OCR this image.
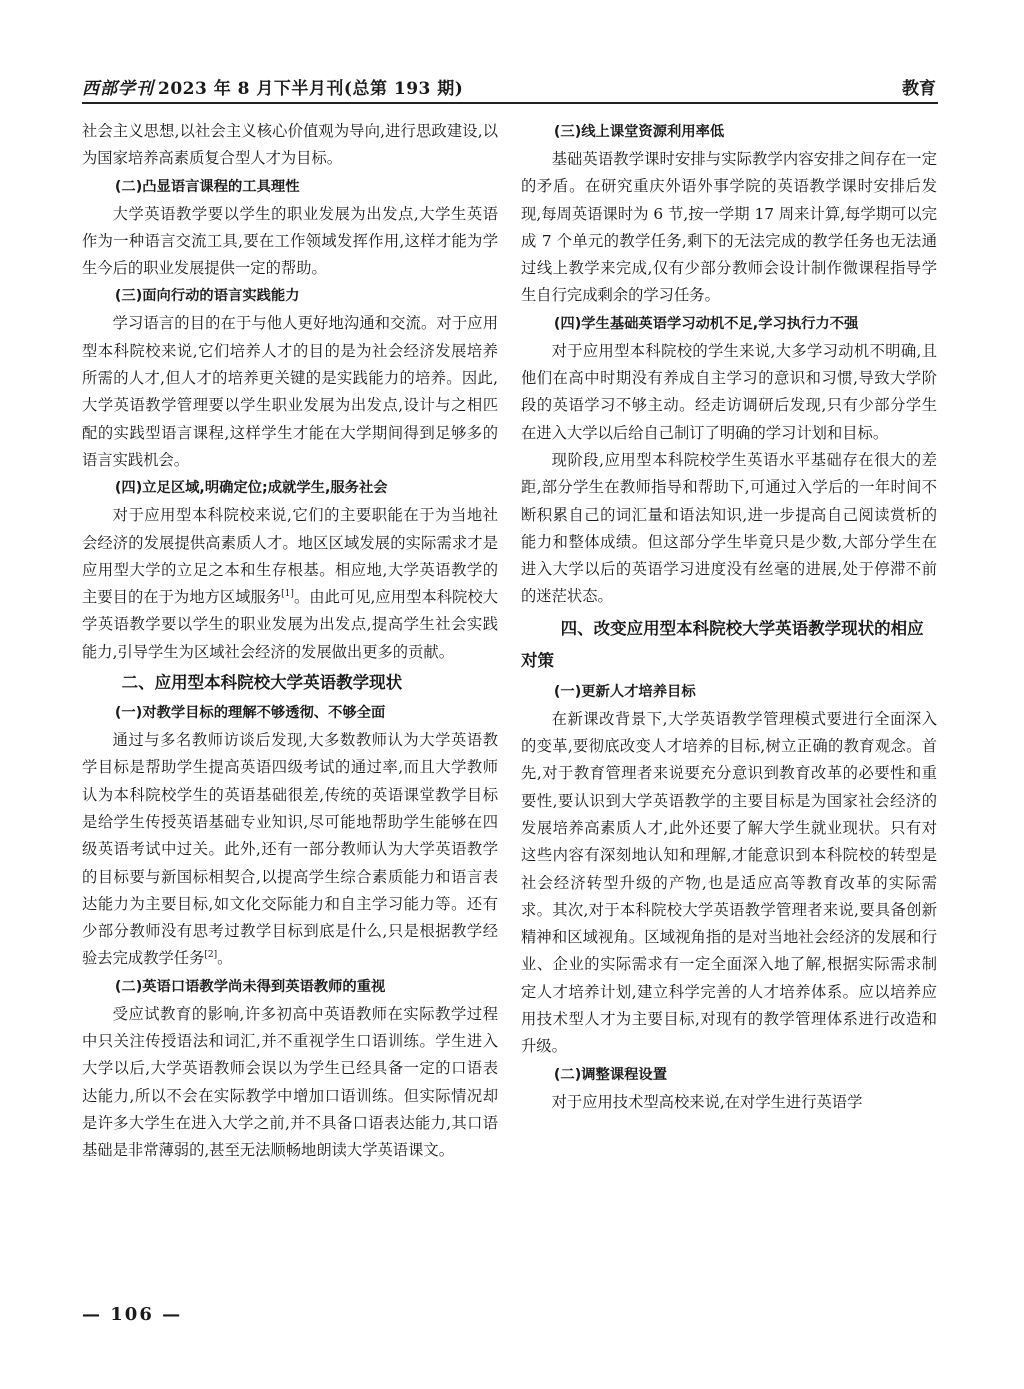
西部学刊 2023 年 8 月下半月刊(总第 193 期)	教育

社会主义思想,以社会主义核心价值观为导向,进行思政建设,以为国家培养高素质复合型人才为目标。

(二)凸显语言课程的工具理性

大学英语教学要以学生的职业发展为出发点,大学生英语作为一种语言交流工具,要在工作领域发挥作用,这样才能为学生今后的职业发展提供一定的帮助。

(三)面向行动的语言实践能力

学习语言的目的在于与他人更好地沟通和交流。对于应用型本科院校来说,它们培养人才的目的是为社会经济发展培养所需的人才,但人才的培养更关键的是实践能力的培养。因此,大学英语教学管理要以学生职业发展为出发点,设计与之相匹配的实践型语言课程,这样学生才能在大学期间得到足够多的语言实践机会。

(四)立足区域,明确定位;成就学生,服务社会

对于应用型本科院校来说,它们的主要职能在于为当地社会经济的发展提供高素质人才。地区区域发展的实际需求才是应用型大学的立足之本和生存根基。相应地,大学英语教学的主要目的在于为地方区域服务[1]。由此可见,应用型本科院校大学英语教学要以学生的职业发展为出发点,提高学生社会实践能力,引导学生为区域社会经济的发展做出更多的贡献。

二、应用型本科院校大学英语教学现状
(一)对教学目标的理解不够透彻、不够全面

通过与多名教师访谈后发现,大多数教师认为大学英语教学目标是帮助学生提高英语四级考试的通过率,而且大学教师认为本科院校学生的英语基础很差,传统的英语课堂教学目标是给学生传授英语基础专业知识,尽可能地帮助学生能够在四级英语考试中过关。此外,还有一部分教师认为大学英语教学的目标要与新国标相契合,以提高学生综合素质能力和语言表达能力为主要目标,如文化交际能力和自主学习能力等。还有少部分教师没有思考过教学目标到底是什么,只是根据教学经验去完成教学任务[2]。

(二)英语口语教学尚未得到英语教师的重视

受应试教育的影响,许多初高中英语教师在实际教学过程中只关注传授语法和词汇,并不重视学生口语训练。学生进入大学以后,大学英语教师会误以为学生已经具备一定的口语表达能力,所以不会在实际教学中增加口语训练。但实际情况却是许多大学生在进入大学之前,并不具备口语表达能力,其口语基础是非常薄弱的,甚至无法顺畅地朗读大学英语课文。

(三)线上课堂资源利用率低

基础英语教学课时安排与实际教学内容安排之间存在一定的矛盾。在研究重庆外语外事学院的英语教学课时安排后发现,每周英语课时为 6 节,按一学期 17 周来计算,每学期可以完成 7 个单元的教学任务,剩下的无法完成的教学任务也无法通过线上教学来完成,仅有少部分教师会设计制作微课程指导学生自行完成剩余的学习任务。

(四)学生基础英语学习动机不足,学习执行力不强

对于应用型本科院校的学生来说,大多学习动机不明确,且他们在高中时期没有养成自主学习的意识和习惯,导致大学阶段的英语学习不够主动。经走访调研后发现,只有少部分学生在进入大学以后给自己制订了明确的学习计划和目标。

现阶段,应用型本科院校学生英语水平基础存在很大的差距,部分学生在教师指导和帮助下,可通过入学后的一年时间不断积累自己的词汇量和语法知识,进一步提高自己阅读赏析的能力和整体成绩。但这部分学生毕竟只是少数,大部分学生在进入大学以后的英语学习进度没有丝毫的进展,处于停滞不前的迷茫状态。

四、改变应用型本科院校大学英语教学现状的相应对策
(一)更新人才培养目标

在新课改背景下,大学英语教学管理模式要进行全面深入的变革,要彻底改变人才培养的目标,树立正确的教育观念。首先,对于教育管理者来说要充分意识到教育改革的必要性和重要性,要认识到大学英语教学的主要目标是为国家社会经济的发展培养高素质人才,此外还要了解大学生就业现状。只有对这些内容有深刻地认知和理解,才能意识到本科院校的转型是社会经济转型升级的产物,也是适应高等教育改革的实际需求。其次,对于本科院校大学英语教学管理者来说,要具备创新精神和区域视角。区域视角指的是对当地社会经济的发展和行业、企业的实际需求有一定全面深入地了解,根据实际需求制定人才培养计划,建立科学完善的人才培养体系。应以培养应用技术型人才为主要目标,对现有的教学管理体系进行改造和升级。

(二)调整课程设置

对于应用技术型高校来说,在对学生进行英语学

— 106 —
